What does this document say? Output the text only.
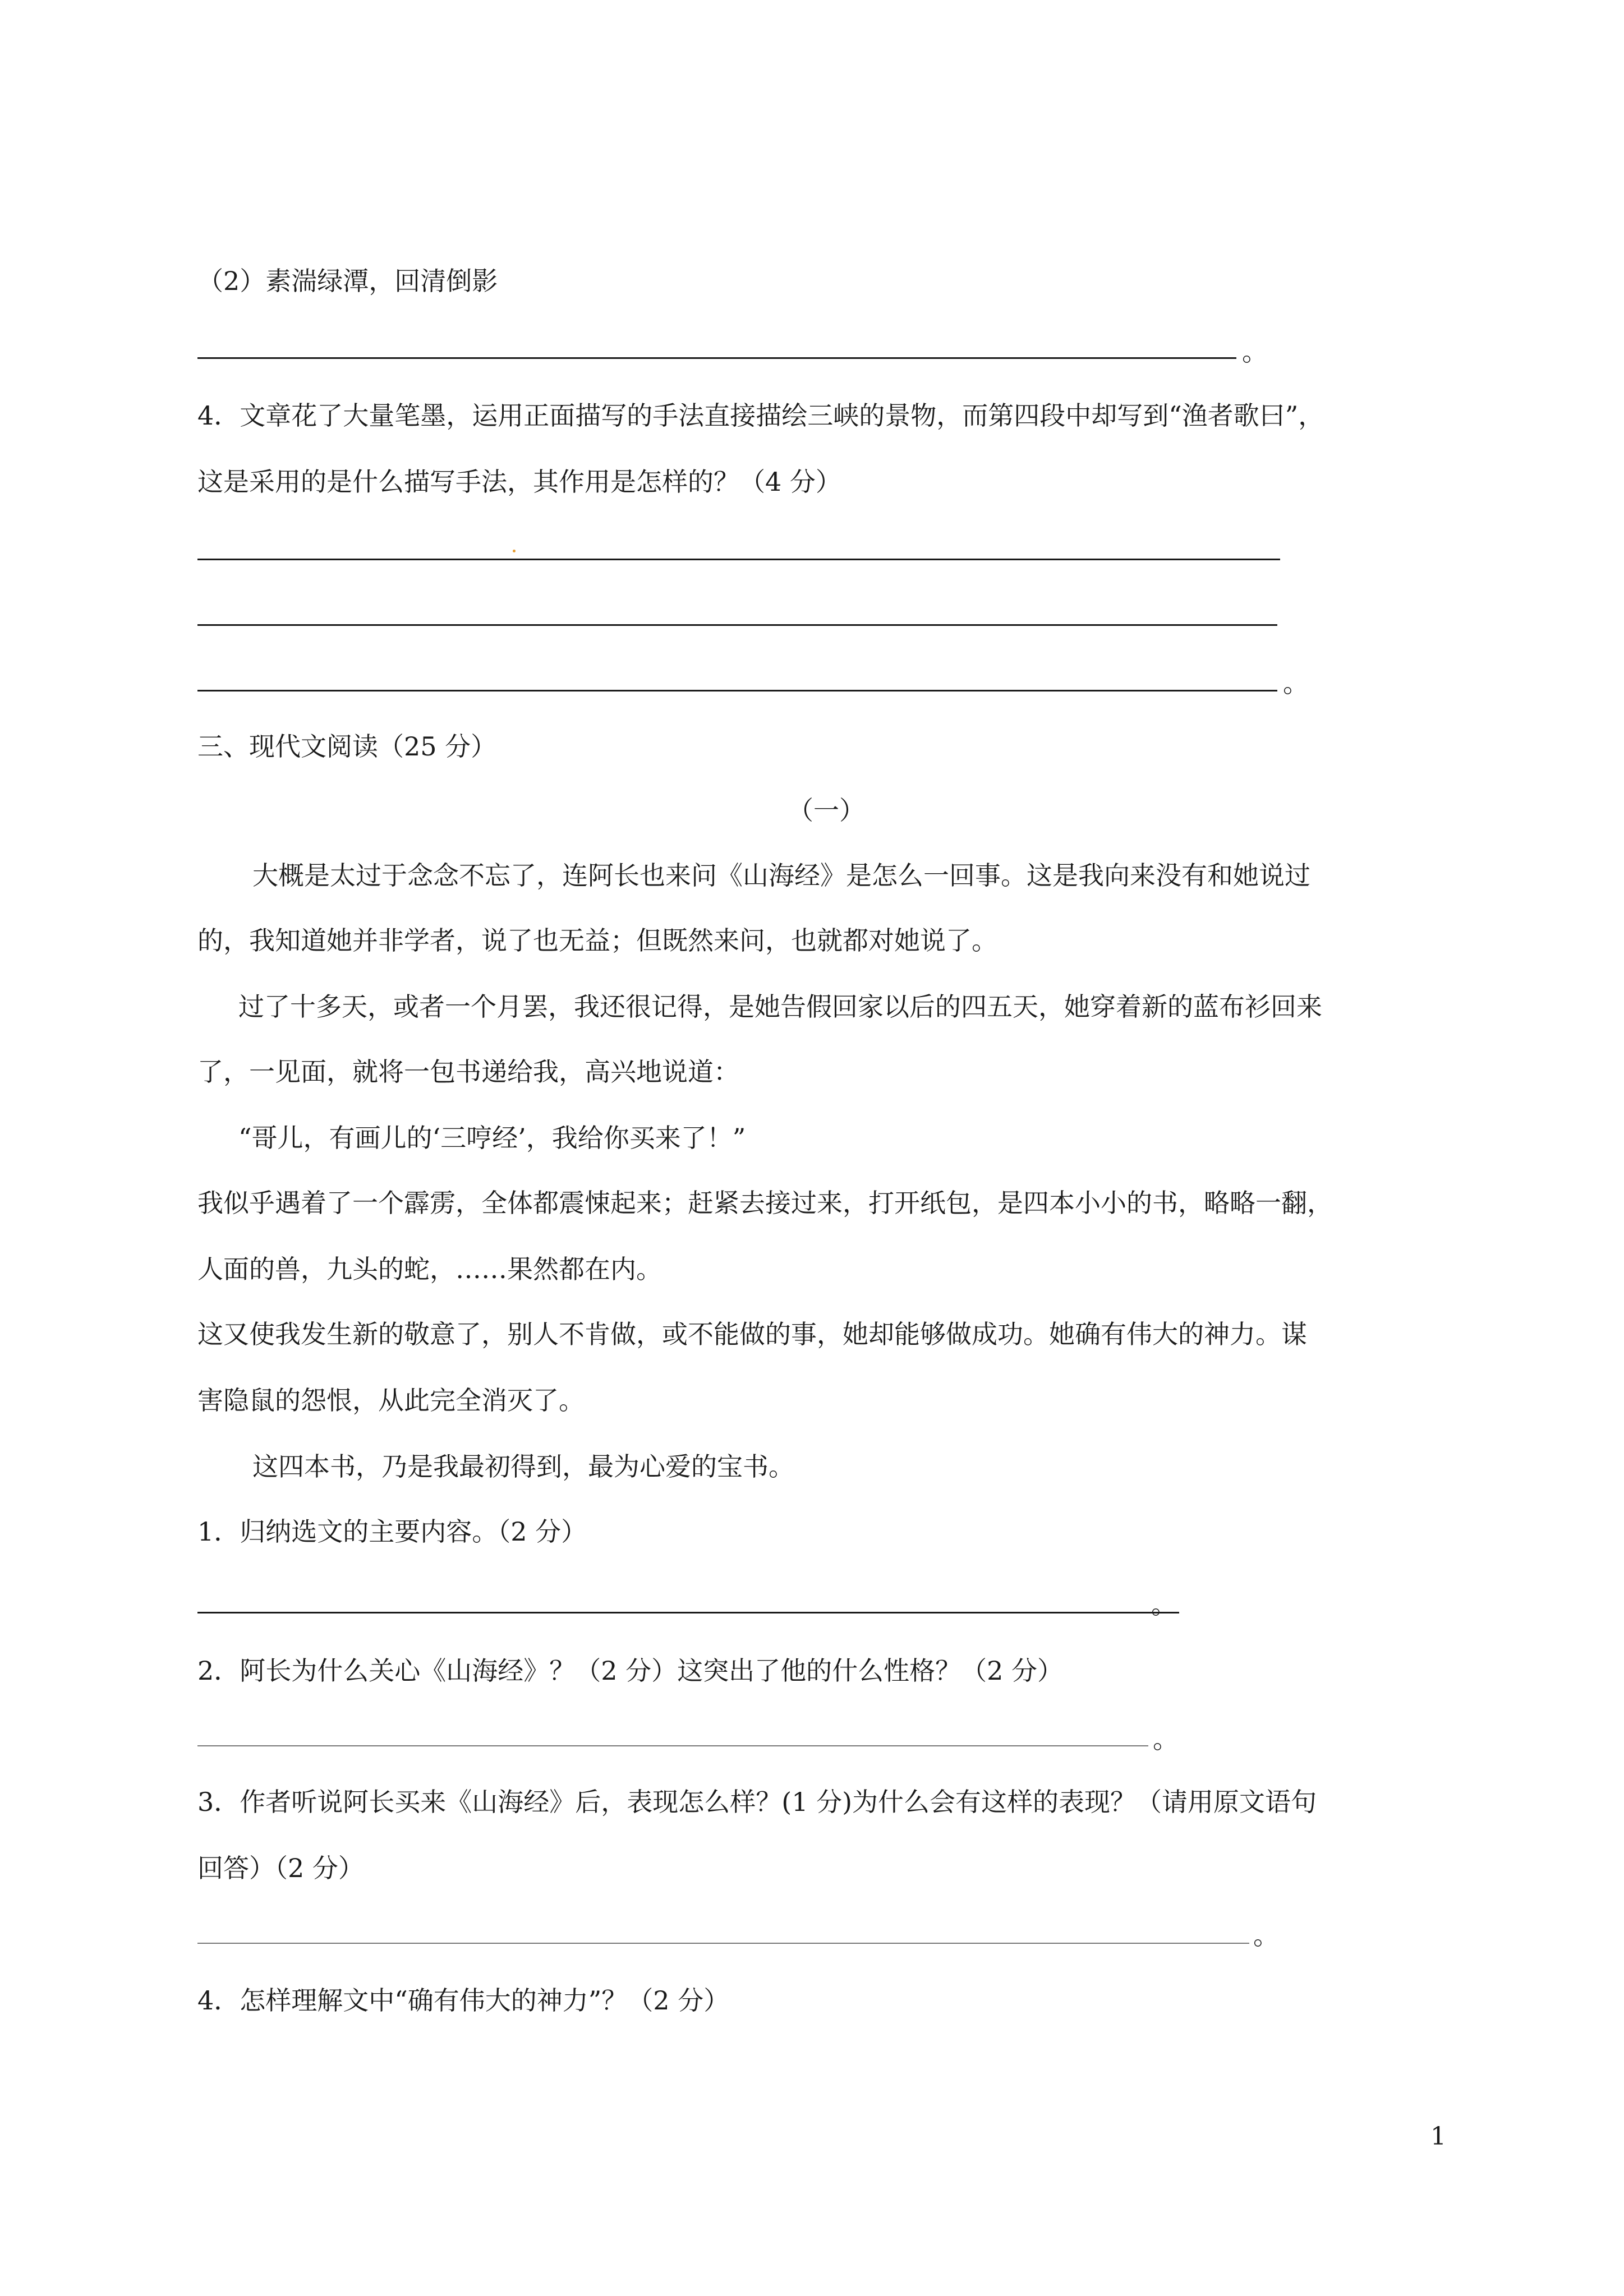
（2）素湍绿潭，回清倒影
。
4．文章花了大量笔墨，运用正面描写的手法直接描绘三峡的景物，而第四段中却写到“渔者歌曰”，
这是采用的是什么描写手法，其作用是怎样的？（4 分）
。
三、现代文阅读（25 分）
（一）
大概是太过于念念不忘了，连阿长也来问《山海经》是怎么一回事。这是我向来没有和她说过
的，我知道她并非学者，说了也无益；但既然来问，也就都对她说了。
过了十多天，或者一个月罢，我还很记得，是她告假回家以后的四五天，她穿着新的蓝布衫回来
了，一见面，就将一包书递给我，高兴地说道：
“哥儿，有画儿的‘三哼经’，我给你买来了！”
我似乎遇着了一个霹雳，全体都震悚起来；赶紧去接过来，打开纸包，是四本小小的书，略略一翻，
人面的兽，九头的蛇，……果然都在内。
这又使我发生新的敬意了，别人不肯做，或不能做的事，她却能够做成功。她确有伟大的神力。谋
害隐鼠的怨恨，从此完全消灭了。
这四本书，乃是我最初得到，最为心爱的宝书。
1．归纳选文的主要内容。（2 分）
。
2．阿长为什么关心《山海经》？（2 分）这突出了他的什么性格？（2 分）
。
3．作者听说阿长买来《山海经》后，表现怎么样？(1 分)为什么会有这样的表现？（请用原文语句
回答）（2 分）
。
4．怎样理解文中“确有伟大的神力”？（2 分）
1
